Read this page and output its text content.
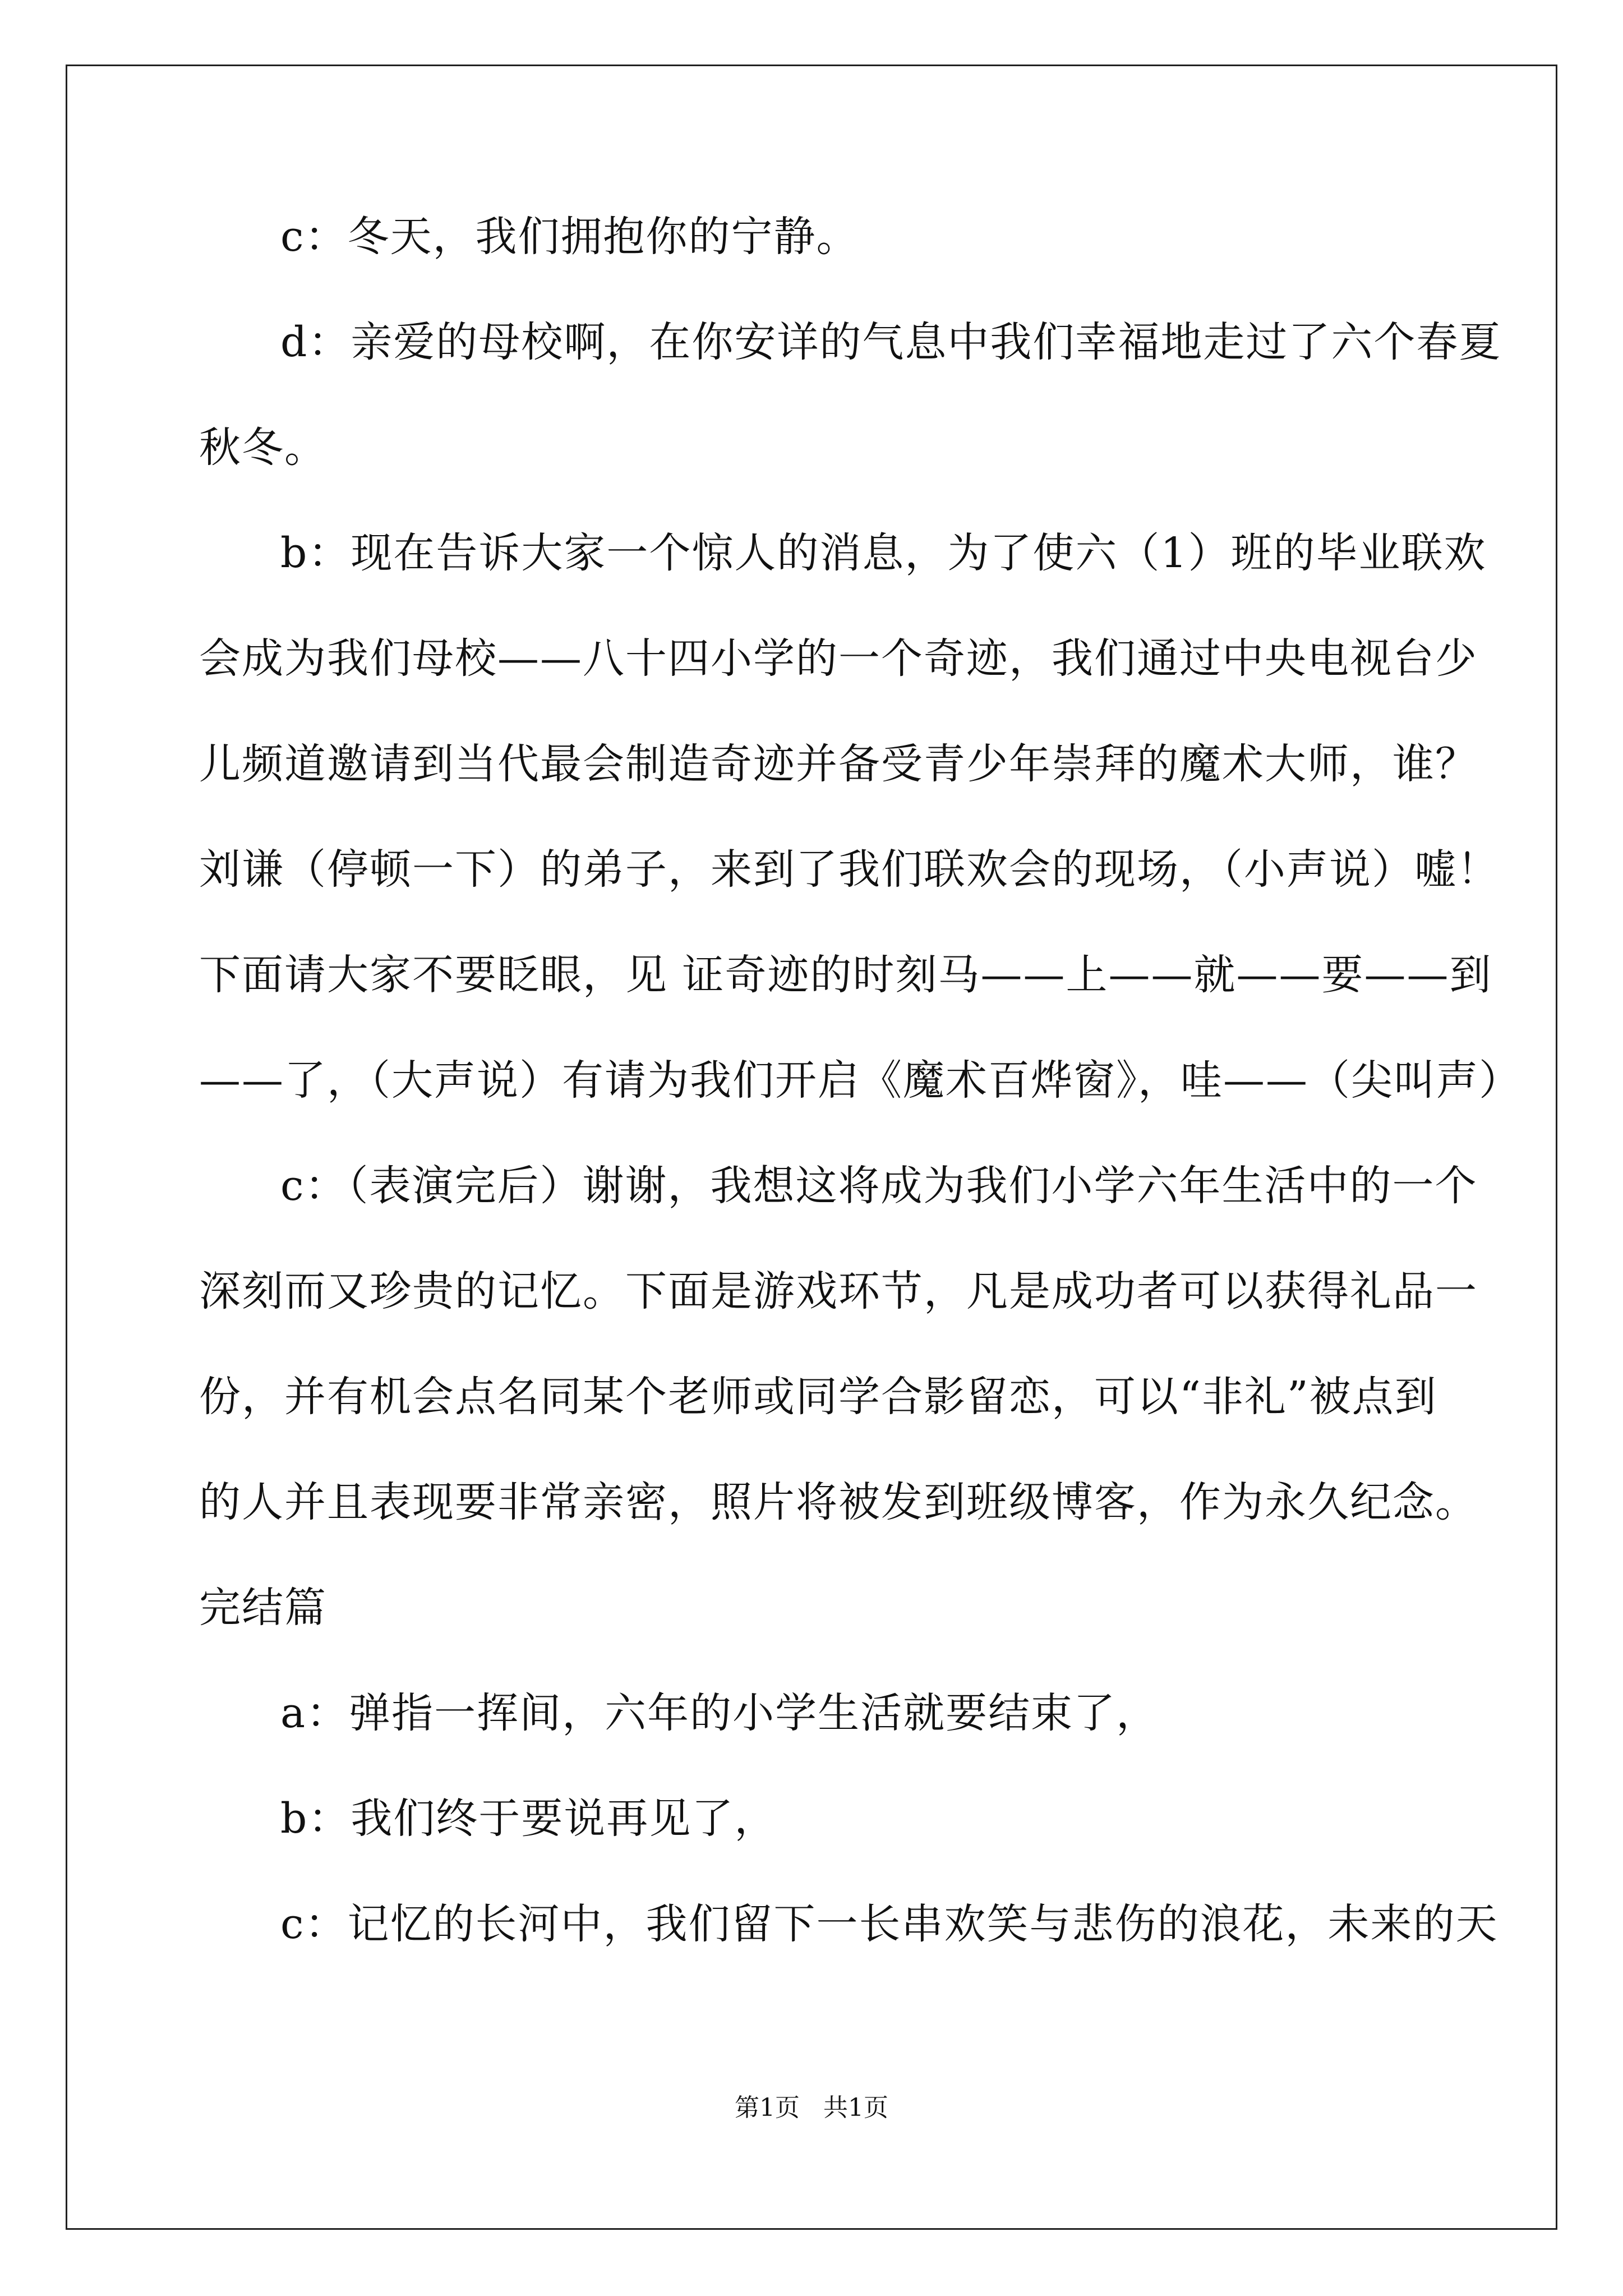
c：冬天，我们拥抱你的宁静。
d：亲爱的母校啊，在你安详的气息中我们幸福地走过了六个春夏
秋冬。
b：现在告诉大家一个惊人的消息，为了使六（1）班的毕业联欢
会成为我们母校——八十四小学的一个奇迹，我们通过中央电视台少
儿频道邀请到当代最会制造奇迹并备受青少年崇拜的魔术大师，谁？
刘谦（停顿一下）的弟子，来到了我们联欢会的现场，（小声说）嘘！
下面请大家不要眨眼，见 证奇迹的时刻马——上——就——要——到
——了，（大声说）有请为我们开启《魔术百烨窗》，哇——（尖叫声）
c：（表演完后）谢谢，我想这将成为我们小学六年生活中的一个
深刻而又珍贵的记忆。下面是游戏环节，凡是成功者可以获得礼品一
份，并有机会点名同某个老师或同学合影留恋，可以“非礼”被点到
的人并且表现要非常亲密，照片将被发到班级博客，作为永久纪念。
完结篇
a：弹指一挥间，六年的小学生活就要结束了，
b：我们终于要说再见了，
c：记忆的长河中，我们留下一长串欢笑与悲伤的浪花，未来的天
第1页   共1页
